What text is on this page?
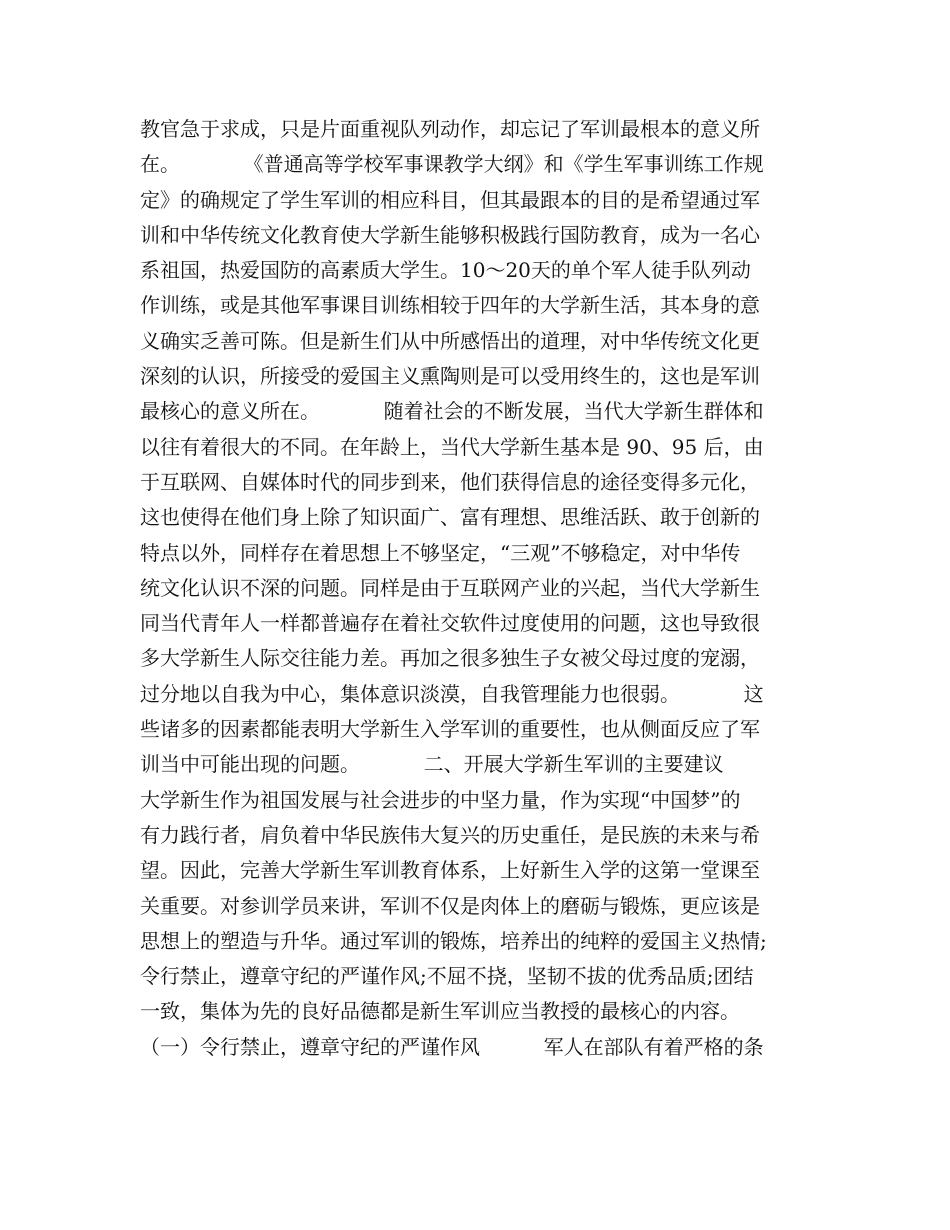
教官急于求成，只是片面重视队列动作，却忘记了军训最根本的意义所
在。          《普通高等学校军事课教学大纲》和《学生军事训练工作规
定》的确规定了学生军训的相应科目，但其最跟本的目的是希望通过军
训和中华传统文化教育使大学新生能够积极践行国防教育，成为一名心
系祖国，热爱国防的高素质大学生。10～20天的单个军人徒手队列动
作训练，或是其他军事课目训练相较于四年的大学新生活，其本身的意
义确实乏善可陈。但是新生们从中所感悟出的道理，对中华传统文化更
深刻的认识，所接受的爱国主义熏陶则是可以受用终生的，这也是军训
最核心的意义所在。          随着社会的不断发展，当代大学新生群体和
以往有着很大的不同。在年龄上，当代大学新生基本是 90、95 后，由
于互联网、自媒体时代的同步到来，他们获得信息的途径变得多元化，
这也使得在他们身上除了知识面广、富有理想、思维活跃、敢于创新的
特点以外，同样存在着思想上不够坚定，“三观”不够稳定，对中华传
统文化认识不深的问题。同样是由于互联网产业的兴起，当代大学新生
同当代青年人一样都普遍存在着社交软件过度使用的问题，这也导致很
多大学新生人际交往能力差。再加之很多独生子女被父母过度的宠溺，
过分地以自我为中心，集体意识淡漠，自我管理能力也很弱。          这
些诸多的因素都能表明大学新生入学军训的重要性，也从侧面反应了军
训当中可能出现的问题。          二、开展大学新生军训的主要建议
大学新生作为祖国发展与社会进步的中坚力量，作为实现“中国梦”的
有力践行者，肩负着中华民族伟大复兴的历史重任，是民族的未来与希
望。因此，完善大学新生军训教育体系，上好新生入学的这第一堂课至
关重要。对参训学员来讲，军训不仅是肉体上的磨砺与锻炼，更应该是
思想上的塑造与升华。通过军训的锻炼，培养出的纯粹的爱国主义热情;
令行禁止，遵章守纪的严谨作风;不屈不挠，坚韧不拔的优秀品质;团结
一致，集体为先的良好品德都是新生军训应当教授的最核心的内容。
（一）令行禁止，遵章守纪的严谨作风          军人在部队有着严格的条
